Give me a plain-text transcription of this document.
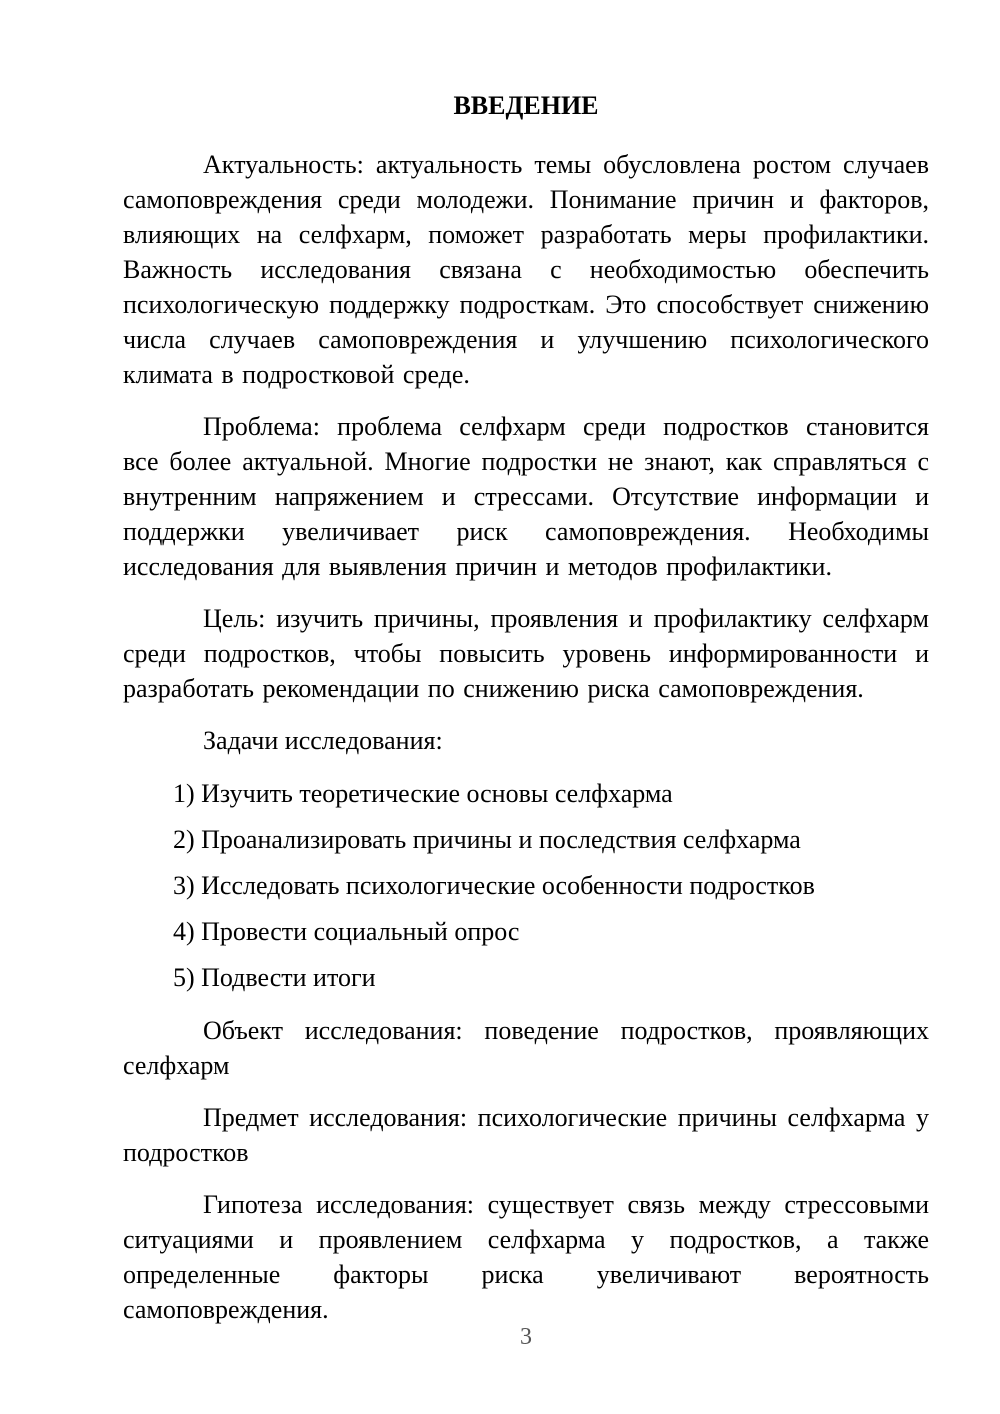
ВВЕДЕНИЕ

Актуальность: актуальность темы обусловлена ростом случаев самоповреждения среди молодежи. Понимание причин и факторов, влияющих на селфхарм, поможет разработать меры профилактики. Важность исследования связана с необходимостью обеспечить психологическую поддержку подросткам. Это способствует снижению числа случаев самоповреждения и улучшению психологического климата в подростковой среде.

Проблема: проблема селфхарм среди подростков становится все более актуальной. Многие подростки не знают, как справляться с внутренним напряжением и стрессами. Отсутствие информации и поддержки увеличивает риск самоповреждения. Необходимы исследования для выявления причин и методов профилактики.

Цель: изучить причины, проявления и профилактику селфхарм среди подростков, чтобы повысить уровень информированности и разработать рекомендации по снижению риска самоповреждения.

Задачи исследования:

1) Изучить теоретические основы селфхарма

2) Проанализировать причины и последствия селфхарма

3) Исследовать психологические особенности подростков

4) Провести социальный опрос

5) Подвести итоги

Объект исследования: поведение подростков, проявляющих селфхарм

Предмет исследования: психологические причины селфхарма у подростков

Гипотеза исследования: существует связь между стрессовыми ситуациями и проявлением селфхарма у подростков, а также определенные факторы риска увеличивают вероятность самоповреждения.

3
